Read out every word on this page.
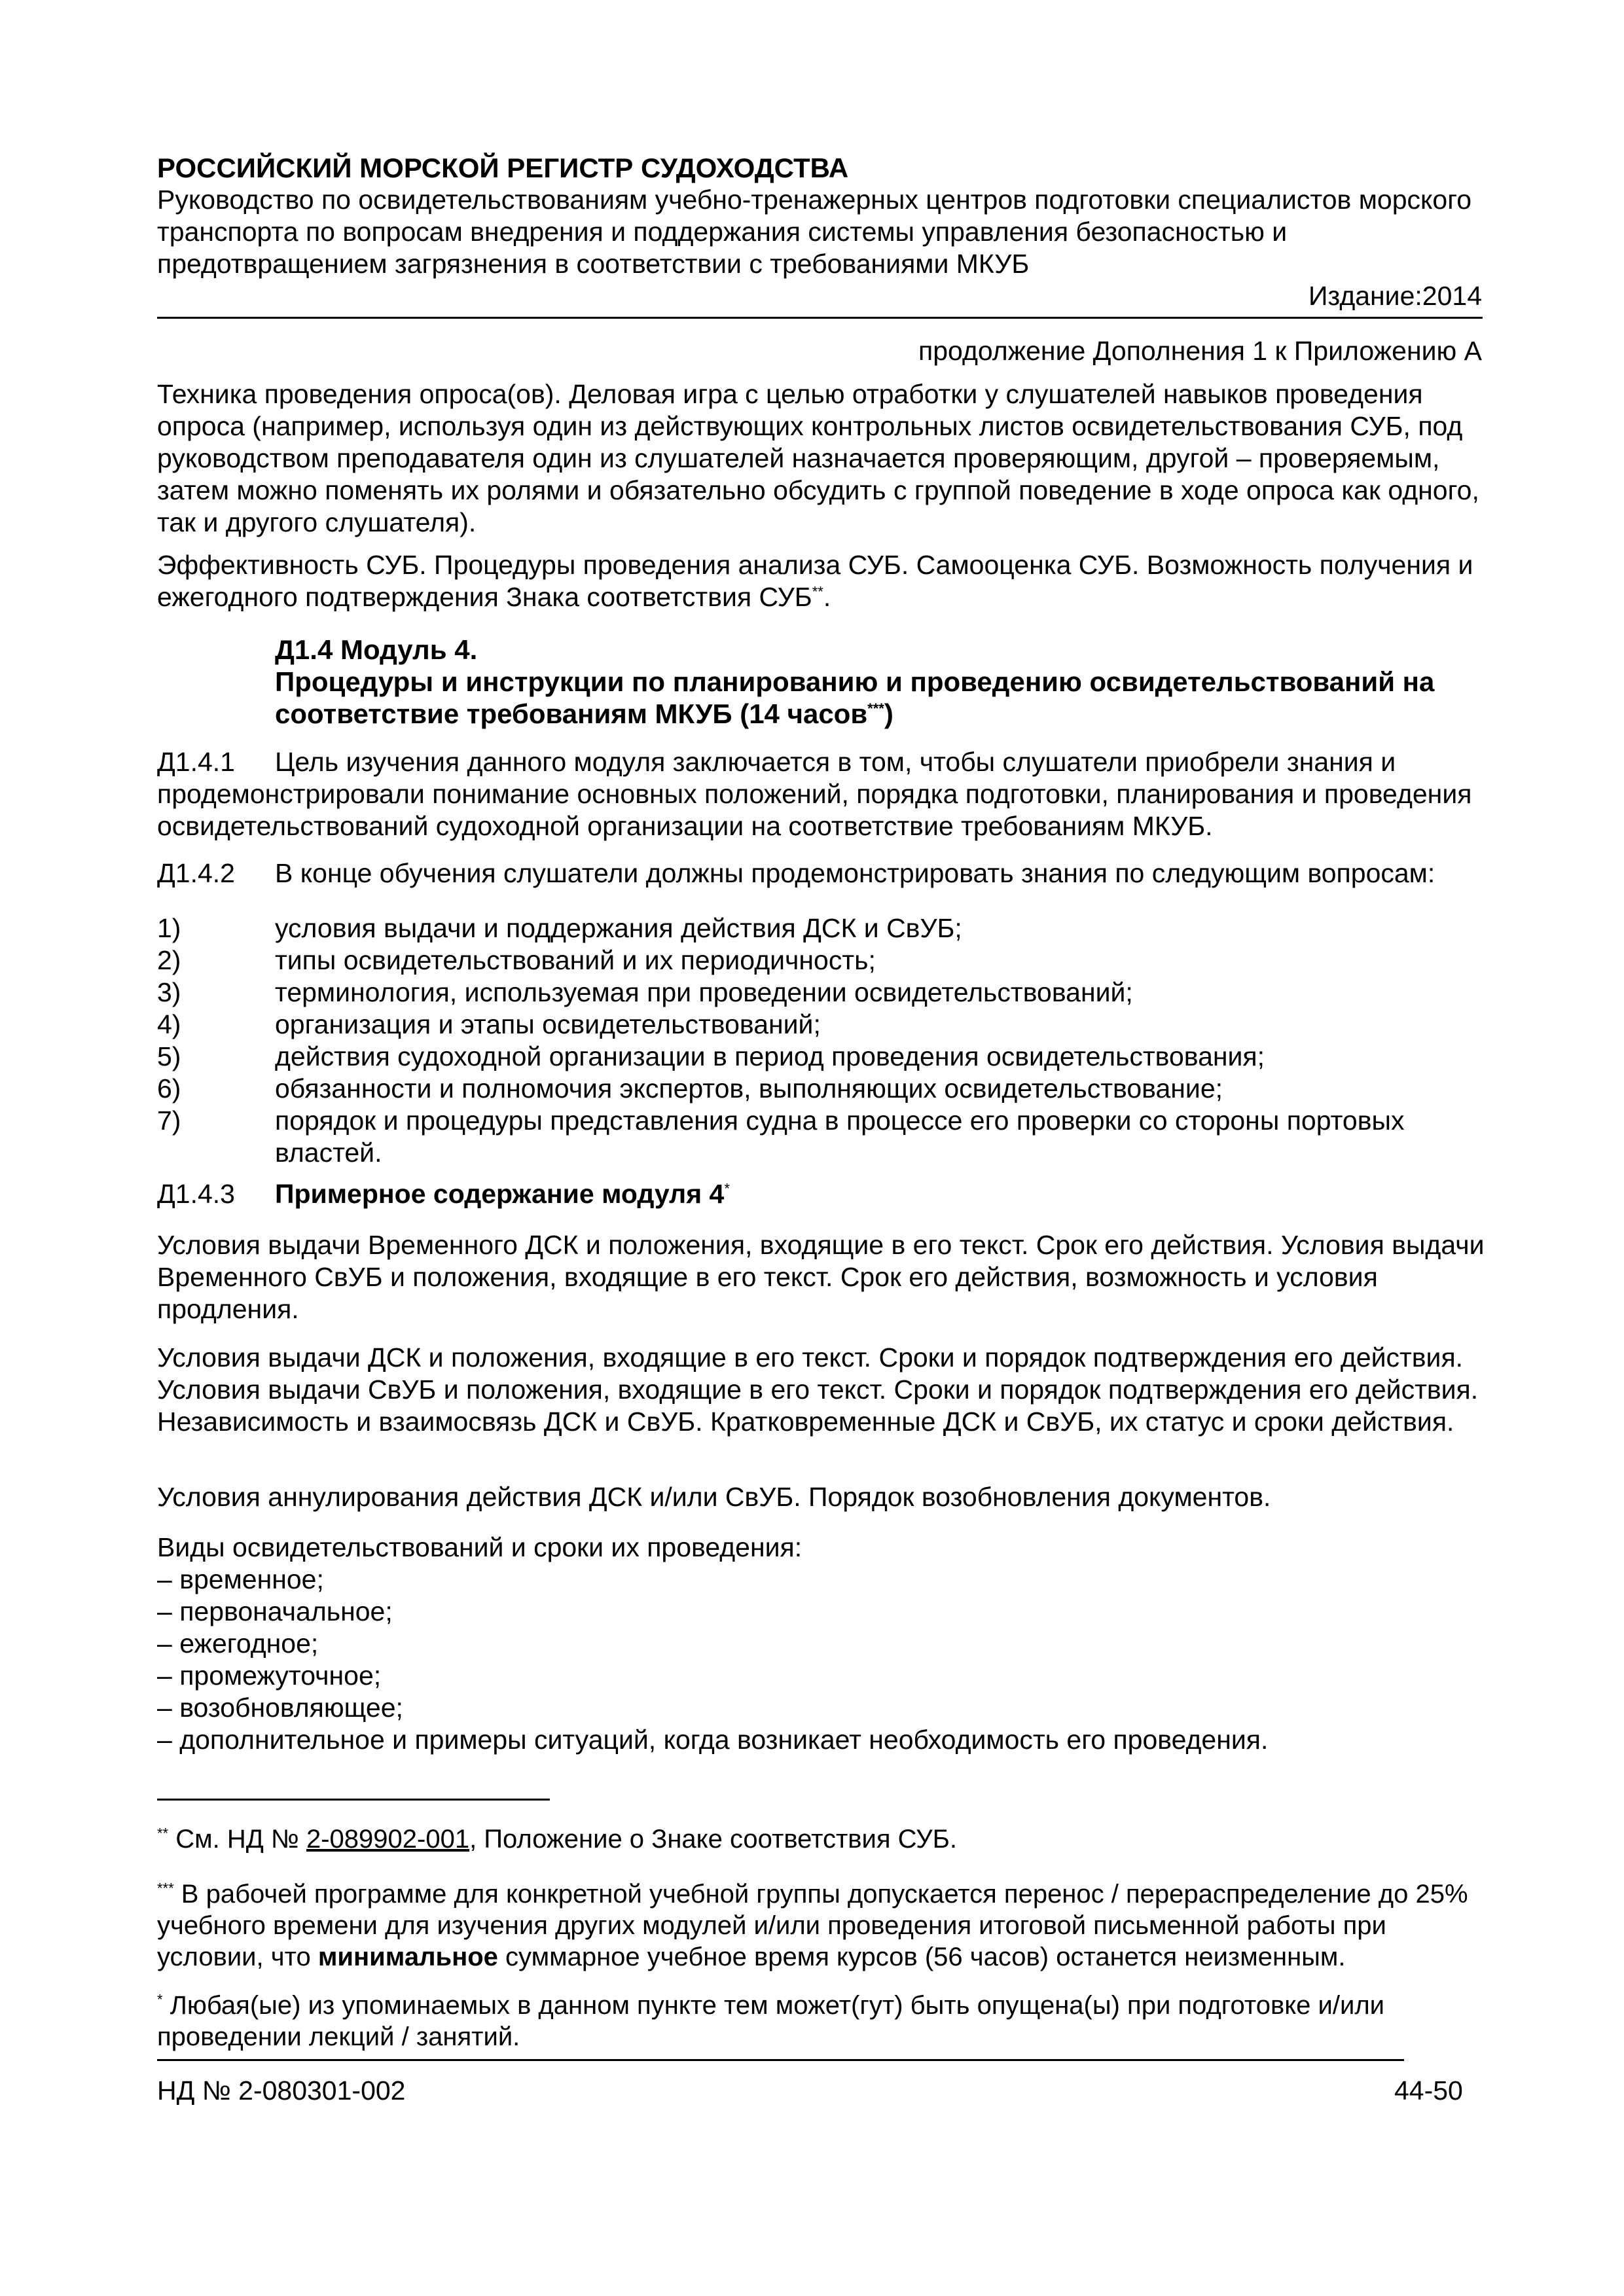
РОССИЙСКИЙ МОРСКОЙ РЕГИСТР СУДОХОДСТВА
Руководство по освидетельствованиям учебно-тренажерных центров подготовки специалистов морского транспорта по вопросам внедрения и поддержания системы управления безопасностью и предотвращением загрязнения в соответствии с требованиями МКУБ
Издание:2014
продолжение Дополнения 1 к Приложению А
Техника проведения опроса(ов). Деловая игра с целью отработки у слушателей навыков проведения опроса (например, используя один из действующих контрольных листов освидетельствования СУБ, под руководством преподавателя один из слушателей назначается проверяющим, другой – проверяемым, затем можно поменять их ролями и обязательно обсудить с группой поведение в ходе опроса как одного, так и другого слушателя).
Эффективность СУБ. Процедуры проведения анализа СУБ. Самооценка СУБ. Возможность получения и ежегодного подтверждения Знака соответствия СУБ**.
Д1.4 Модуль 4.
Процедуры и инструкции по планированию и проведению освидетельствований на соответствие требованиям МКУБ (14 часов***)
Д1.4.1 Цель изучения данного модуля заключается в том, чтобы слушатели приобрели знания и продемонстрировали понимание основных положений, порядка подготовки, планирования и проведения освидетельствований судоходной организации на соответствие требованиям МКУБ.
Д1.4.2 В конце обучения слушатели должны продемонстрировать знания по следующим вопросам:
1)	условия выдачи и поддержания действия ДСК и СвУБ;
2)	типы освидетельствований и их периодичность;
3)	терминология, используемая при проведении освидетельствований;
4)	организация и этапы освидетельствований;
5)	действия судоходной организации в период проведения освидетельствования;
6)	обязанности и полномочия экспертов, выполняющих освидетельствование;
7)	порядок и процедуры представления судна в процессе его проверки со стороны портовых властей.
Д1.4.3 Примерное содержание модуля 4*
Условия выдачи Временного ДСК и положения, входящие в его текст. Срок его действия. Условия выдачи Временного СвУБ и положения, входящие в его текст. Срок его действия, возможность и условия продления.
Условия выдачи ДСК и положения, входящие в его текст. Сроки и порядок подтверждения его действия. Условия выдачи СвУБ и положения, входящие в его текст. Сроки и порядок подтверждения его действия. Независимость и взаимосвязь ДСК и СвУБ. Кратковременные ДСК и СвУБ, их статус и сроки действия.
Условия аннулирования действия ДСК и/или СвУБ. Порядок возобновления документов.
Виды освидетельствований и сроки их проведения:
– временное;
– первоначальное;
– ежегодное;
– промежуточное;
– возобновляющее;
– дополнительное и примеры ситуаций, когда возникает необходимость его проведения.
** См. НД № 2-089902-001, Положение о Знаке соответствия СУБ.
*** В рабочей программе для конкретной учебной группы допускается перенос / перераспределение до 25% учебного времени для изучения других модулей и/или проведения итоговой письменной работы при условии, что минимальное суммарное учебное время курсов (56 часов) останется неизменным.
* Любая(ые) из упоминаемых в данном пункте тем может(гут) быть опущена(ы) при подготовке и/или проведении лекций / занятий.
НД № 2-080301-002	44-50
